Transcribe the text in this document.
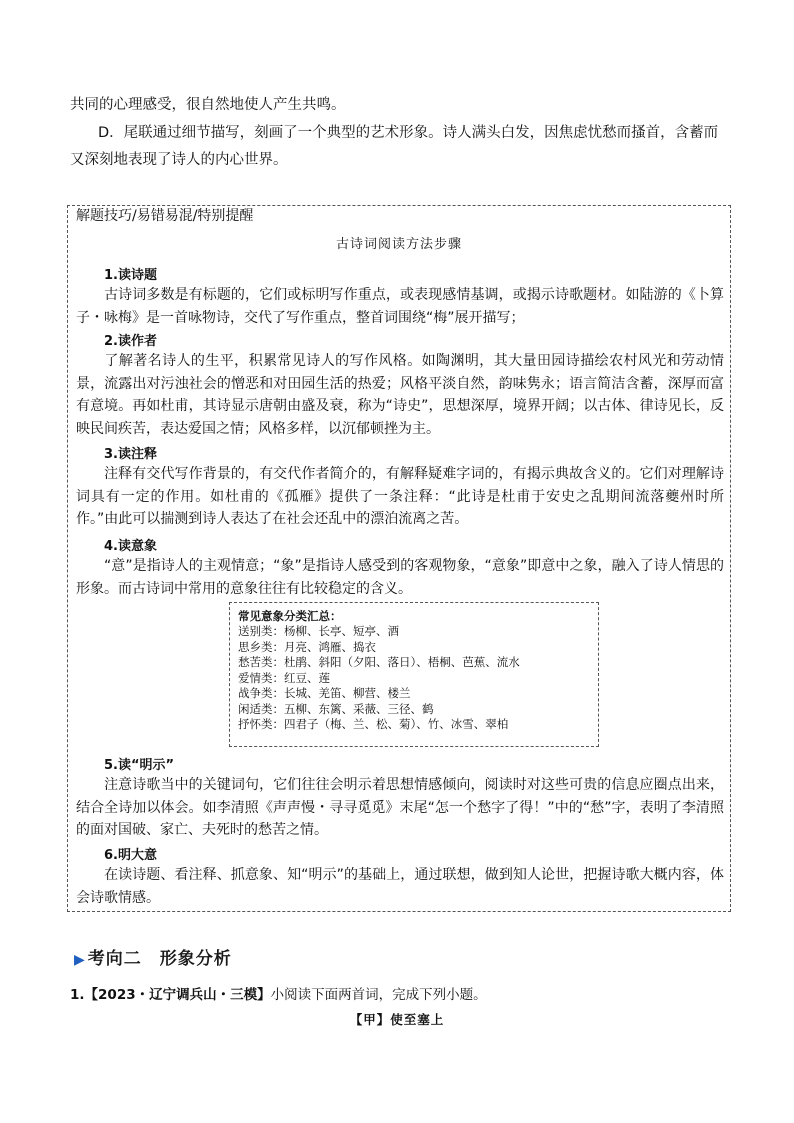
共同的心理感受，很自然地使人产生共鸣。

D．尾联通过细节描写，刻画了一个典型的艺术形象。诗人满头白发，因焦虑忧愁而搔首，含蓄而又深刻地表现了诗人的内心世界。

解题技巧/易错易混/特别提醒
古诗词阅读方法步骤
1.读诗题

古诗词多数是有标题的，它们或标明写作重点，或表现感情基调，或揭示诗歌题材。如陆游的《卜算子・咏梅》是一首咏物诗，交代了写作重点，整首词围绕“梅”展开描写；

2.读作者

了解著名诗人的生平，积累常见诗人的写作风格。如陶渊明，其大量田园诗描绘农村风光和劳动情景，流露出对污浊社会的憎恶和对田园生活的热爱；风格平淡自然，韵味隽永；语言简洁含蓄，深厚而富有意境。再如杜甫，其诗显示唐朝由盛及衰，称为“诗史”，思想深厚，境界开阔；以古体、律诗见长，反映民间疾苦，表达爱国之情；风格多样，以沉郁顿挫为主。

3.读注释

注释有交代写作背景的，有交代作者简介的，有解释疑难字词的，有揭示典故含义的。它们对理解诗词具有一定的作用。如杜甫的《孤雁》提供了一条注释：“此诗是杜甫于安史之乱期间流落夔州时所作。”由此可以揣测到诗人表达了在社会还乱中的漂泊流离之苦。

4.读意象

“意”是指诗人的主观情意；“象”是指诗人感受到的客观物象，“意象”即意中之象，融入了诗人情思的形象。而古诗词中常用的意象往往有比较稳定的含义。

常见意象分类汇总：
送别类：杨柳、长亭、短亭、酒
思乡类：月亮、鸿雁、捣衣
愁苦类：杜鹃、斜阳（夕阳、落日）、梧桐、芭蕉、流水
爱情类：红豆、莲
战争类：长城、羌笛、柳营、楼兰
闲适类：五柳、东篱、采薇、三径、鹤
抒怀类：四君子（梅、兰、松、菊）、竹、冰雪、翠柏
5.读“明示”

注意诗歌当中的关键词句，它们往往会明示着思想情感倾向，阅读时对这些可贵的信息应圈点出来，结合全诗加以体会。如李清照《声声慢・寻寻觅觅》末尾“怎一个愁字了得！”中的“愁”字，表明了李清照的面对国破、家亡、夫死时的愁苦之情。

6.明大意

在读诗题、看注释、抓意象、知“明示”的基础上，通过联想，做到知人论世，把握诗歌大概内容，体会诗歌情感。

▶ 考向二　形象分析
1.【2023・辽宁调兵山・三模】小阅读下面两首词，完成下列小题。
【甲】使至塞上
